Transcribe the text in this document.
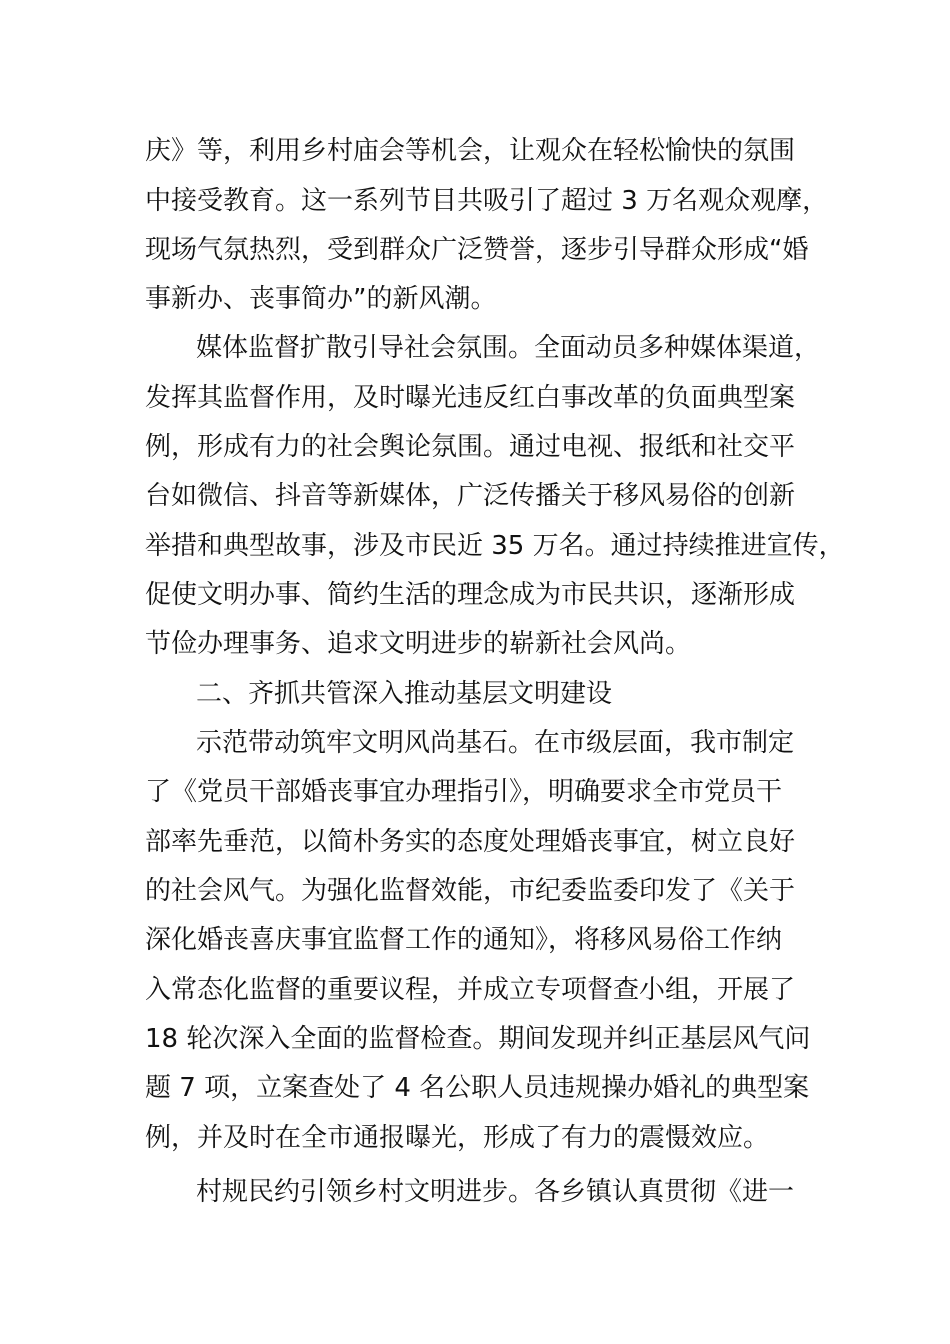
庆》等，利用乡村庙会等机会，让观众在轻松愉快的氛围
中接受教育。这一系列节目共吸引了超过 3 万名观众观摩，
现场气氛热烈，受到群众广泛赞誉，逐步引导群众形成“婚
事新办、丧事简办”的新风潮。
媒体监督扩散引导社会氛围。全面动员多种媒体渠道，
发挥其监督作用，及时曝光违反红白事改革的负面典型案
例，形成有力的社会舆论氛围。通过电视、报纸和社交平
台如微信、抖音等新媒体，广泛传播关于移风易俗的创新
举措和典型故事，涉及市民近 35 万名。通过持续推进宣传，
促使文明办事、简约生活的理念成为市民共识，逐渐形成
节俭办理事务、追求文明进步的崭新社会风尚。
二、齐抓共管深入推动基层文明建设
示范带动筑牢文明风尚基石。在市级层面，我市制定
了《党员干部婚丧事宜办理指引》，明确要求全市党员干
部率先垂范，以简朴务实的态度处理婚丧事宜，树立良好
的社会风气。为强化监督效能，市纪委监委印发了《关于
深化婚丧喜庆事宜监督工作的通知》，将移风易俗工作纳
入常态化监督的重要议程，并成立专项督查小组，开展了
18 轮次深入全面的监督检查。期间发现并纠正基层风气问
题 7 项，立案查处了 4 名公职人员违规操办婚礼的典型案
例，并及时在全市通报曝光，形成了有力的震慑效应。
村规民约引领乡村文明进步。各乡镇认真贯彻《进一
